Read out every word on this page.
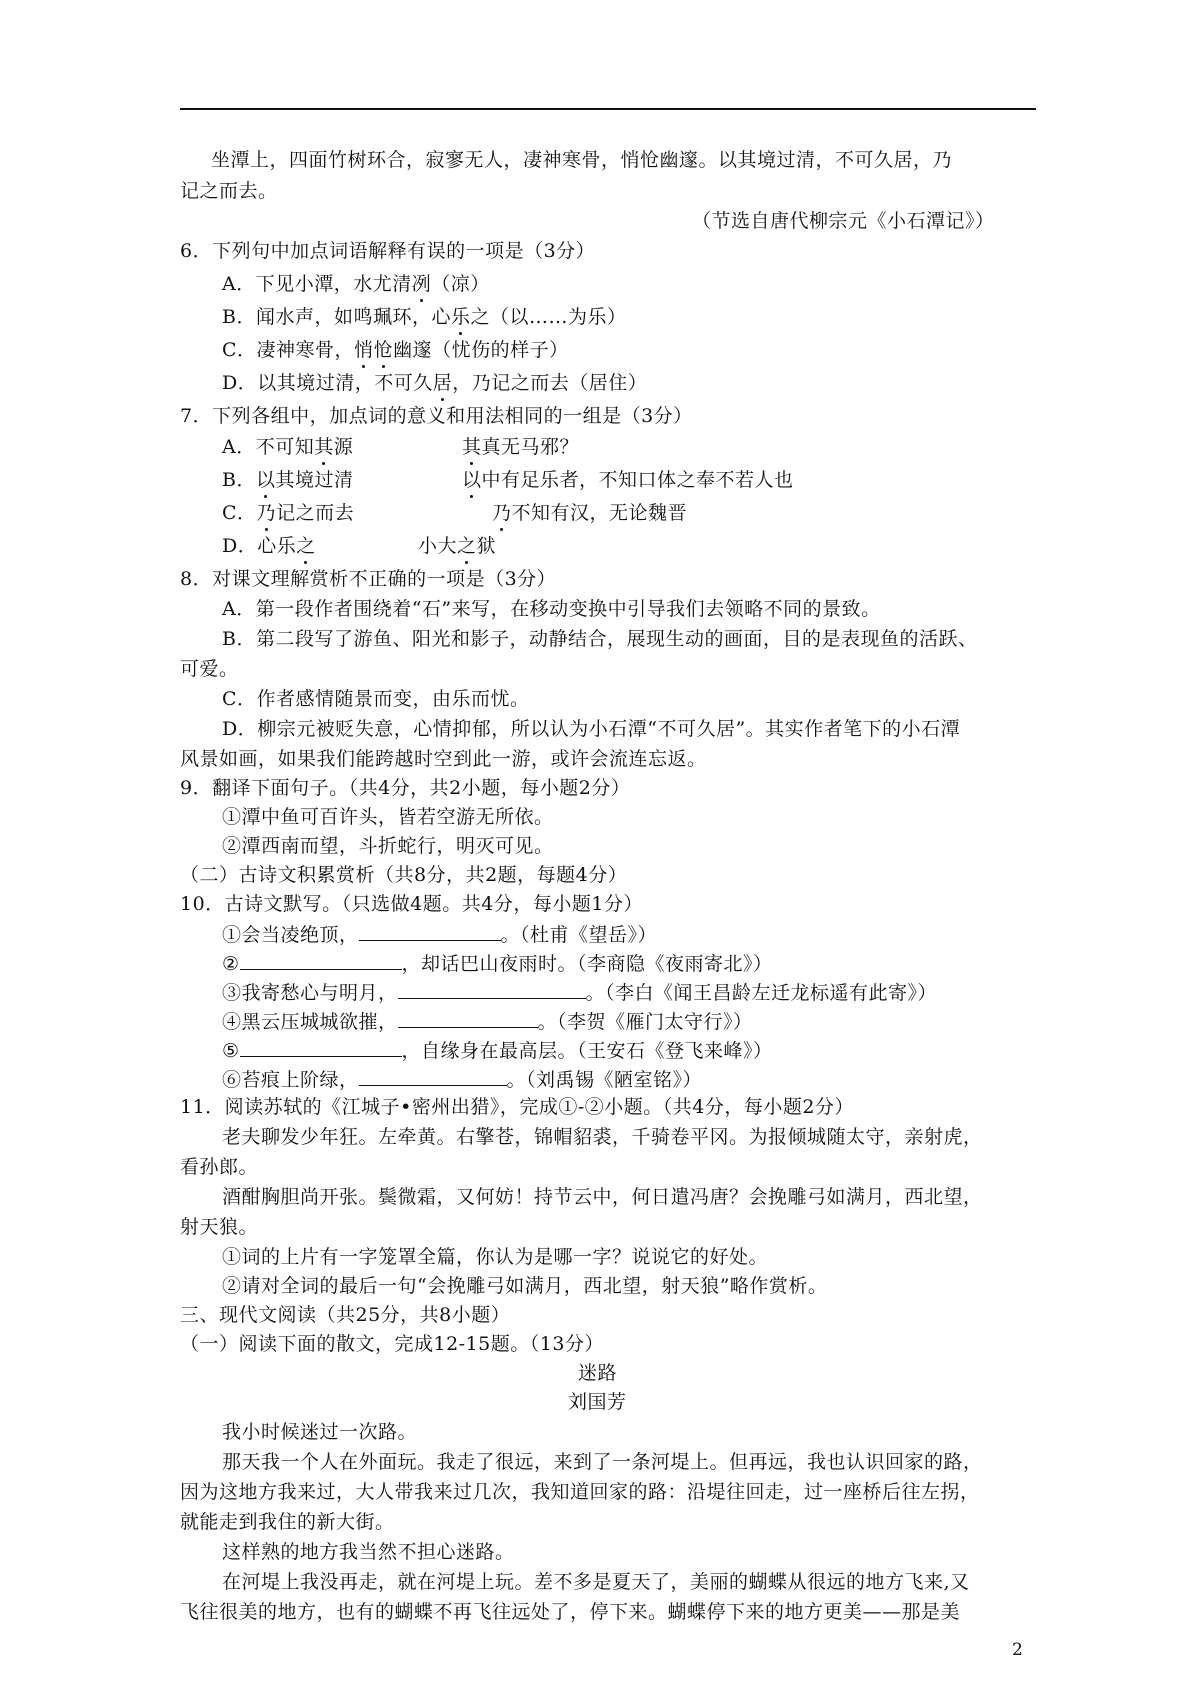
坐潭上，四面竹树环合，寂寥无人，凄神寒骨，悄怆幽邃。以其境过清，不可久居，乃
记之而去。
（节选自唐代柳宗元《小石潭记》）
6．下列句中加点词语解释有误的一项是（3分）
A．下见小潭，水尤清冽（凉）
B．闻水声，如鸣珮环，心乐之（以……为乐）
C．凄神寒骨，悄怆幽邃（忧伤的样子）
D．以其境过清，不可久居，乃记之而去（居住）
7．下列各组中，加点词的意义和用法相同的一组是（3分）
A．不可知其源	其真无马邪？
B．以其境过清	以中有足乐者，不知口体之奉不若人也
C．乃记之而去	乃不知有汉，无论魏晋
D．心乐之	小大之狱
8．对课文理解赏析不正确的一项是（3分）
A．第一段作者围绕着“石”来写，在移动变换中引导我们去领略不同的景致。
B．第二段写了游鱼、阳光和影子，动静结合，展现生动的画面，目的是表现鱼的活跃、
可爱。
C．作者感情随景而变，由乐而忧。
D．柳宗元被贬失意，心情抑郁，所以认为小石潭“不可久居”。其实作者笔下的小石潭
风景如画，如果我们能跨越时空到此一游，或许会流连忘返。
9．翻译下面句子。（共4分，共2小题，每小题2分）
①潭中鱼可百许头，皆若空游无所依。
②潭西南而望，斗折蛇行，明灭可见。
（二）古诗文积累赏析（共8分，共2题，每题4分）
10．古诗文默写。（只选做4题。共4分，每小题1分）
①会当凌绝顶，	。（杜甫《望岳》）
②	，却话巴山夜雨时。（李商隐《夜雨寄北》）
③我寄愁心与明月，	。（李白《闻王昌龄左迁龙标遥有此寄》）
④黑云压城城欲摧，	。（李贺《雁门太守行》）
⑤	，自缘身在最高层。（王安石《登飞来峰》）
⑥苔痕上阶绿，	。（刘禹锡《陋室铭》）
11．阅读苏轼的《江城子•密州出猎》，完成①-②小题。（共4分，每小题2分）
老夫聊发少年狂。左牵黄。右擎苍，锦帽貂裘，千骑卷平冈。为报倾城随太守，亲射虎，
看孙郎。
酒酣胸胆尚开张。鬓微霜，又何妨！持节云中，何日遣冯唐？会挽雕弓如满月，西北望，
射天狼。
①词的上片有一字笼罩全篇，你认为是哪一字？说说它的好处。
②请对全词的最后一句“会挽雕弓如满月，西北望，射天狼”略作赏析。
三、现代文阅读（共25分，共8小题）
（一）阅读下面的散文，完成12-15题。（13分）
迷路
刘国芳
我小时候迷过一次路。
那天我一个人在外面玩。我走了很远，来到了一条河堤上。但再远，我也认识回家的路，
因为这地方我来过，大人带我来过几次，我知道回家的路：沿堤往回走，过一座桥后往左拐，
就能走到我住的新大街。
这样熟的地方我当然不担心迷路。
在河堤上我没再走，就在河堤上玩。差不多是夏天了，美丽的蝴蝶从很远的地方飞来,又
飞往很美的地方，也有的蝴蝶不再飞往远处了，停下来。蝴蝶停下来的地方更美——那是美
2
